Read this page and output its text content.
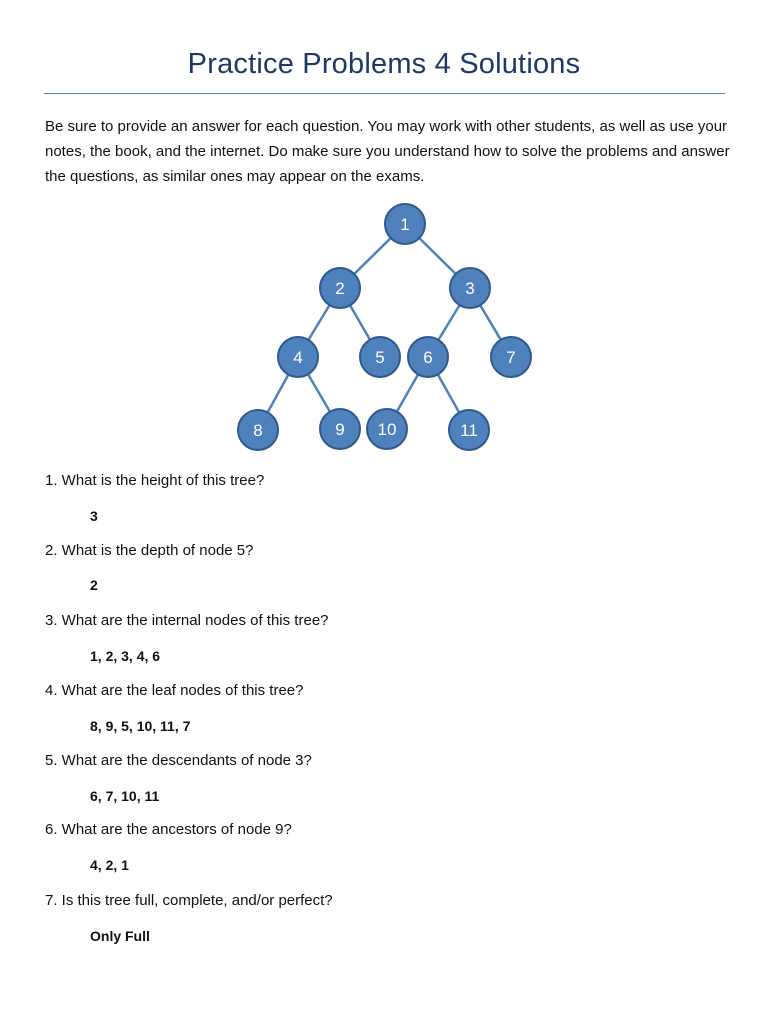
Practice Problems 4 Solutions

Be sure to provide an answer for each question. You may work with other students, as well as use your notes, the book, and the internet. Do make sure you understand how to solve the problems and answer the questions, as similar ones may appear on the exams.

1
2	3
4	5 6	7
8	9 10	11

1. What is the height of this tree?

3

2. What is the depth of node 5?

2

3. What are the internal nodes of this tree?

1, 2, 3, 4, 6

4. What are the leaf nodes of this tree?

8, 9, 5, 10, 11, 7

5. What are the descendants of node 3?

6, 7, 10, 11

6. What are the ancestors of node 9?

4, 2, 1

7. Is this tree full, complete, and/or perfect?

Only Full
